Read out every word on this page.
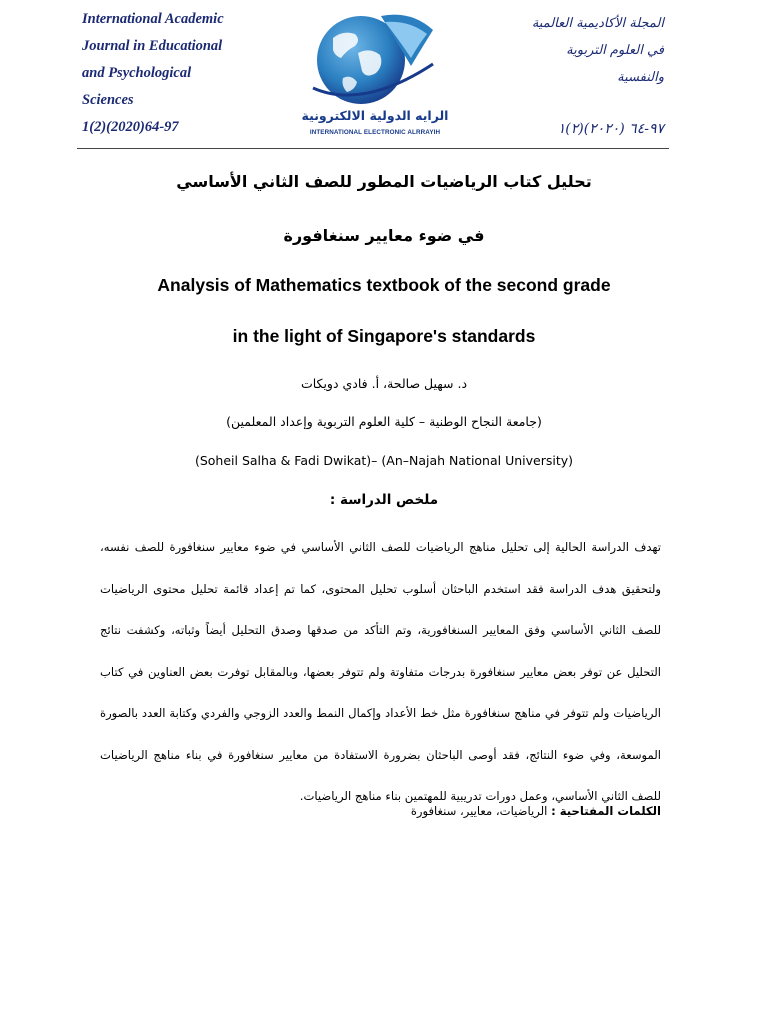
International Academic
Journal in Educational
and Psychological
Sciences
1(2)(2020)64-97
الرايه الدولية الالكترونية
INTERNATIONAL ELECTRONIC ALRRAYIH
المجلة الأكاديمية العالمية
في العلوم التربوية
والنفسية
٩٧-٦٤ (٢٠٢٠)(٢)١
تحليل كتاب الرياضيات المطور للصف الثاني الأساسي
في ضوء معايير سنغافورة
Analysis of Mathematics textbook of the second grade
in the light of Singapore's standards
د. سهيل صالحة، أ. فادي دويكات
(جامعة النجاح الوطنية – كلية العلوم التربوية وإعداد المعلمين)
(Soheil Salha & Fadi Dwikat)– (An–Najah National University)
ملخص الدراسة :
تهدف الدراسة الحالية إلى تحليل مناهج الرياضيات للصف الثاني الأساسي في ضوء معايير سنغافورة للصف نفسه،
ولتحقيق هدف الدراسة فقد استخدم الباحثان أسلوب تحليل المحتوى، كما تم إعداد قائمة تحليل محتوى الرياضيات
للصف الثاني الأساسي وفق المعايير السنغافورية، وتم التأكد من صدقها وصدق التحليل أيضاً وثباته، وكشفت نتائج
التحليل عن توفر بعض معايير سنغافورة بدرجات متفاوتة ولم تتوفر بعضها، وبالمقابل توفرت بعض العناوين في كتاب
الرياضيات ولم تتوفر في مناهج سنغافورة مثل خط الأعداد وإكمال النمط والعدد الزوجي والفردي وكتابة العدد بالصورة
الموسعة، وفي ضوء النتائج، فقد أوصى الباحثان بضرورة الاستفادة من معايير سنغافورة في بناء مناهج الرياضيات
للصف الثاني الأساسي، وعمل دورات تدريبية للمهتمين بناء مناهج الرياضيات.
الكلمات المفتاحية : الرياضيات، معايير، سنغافورة
